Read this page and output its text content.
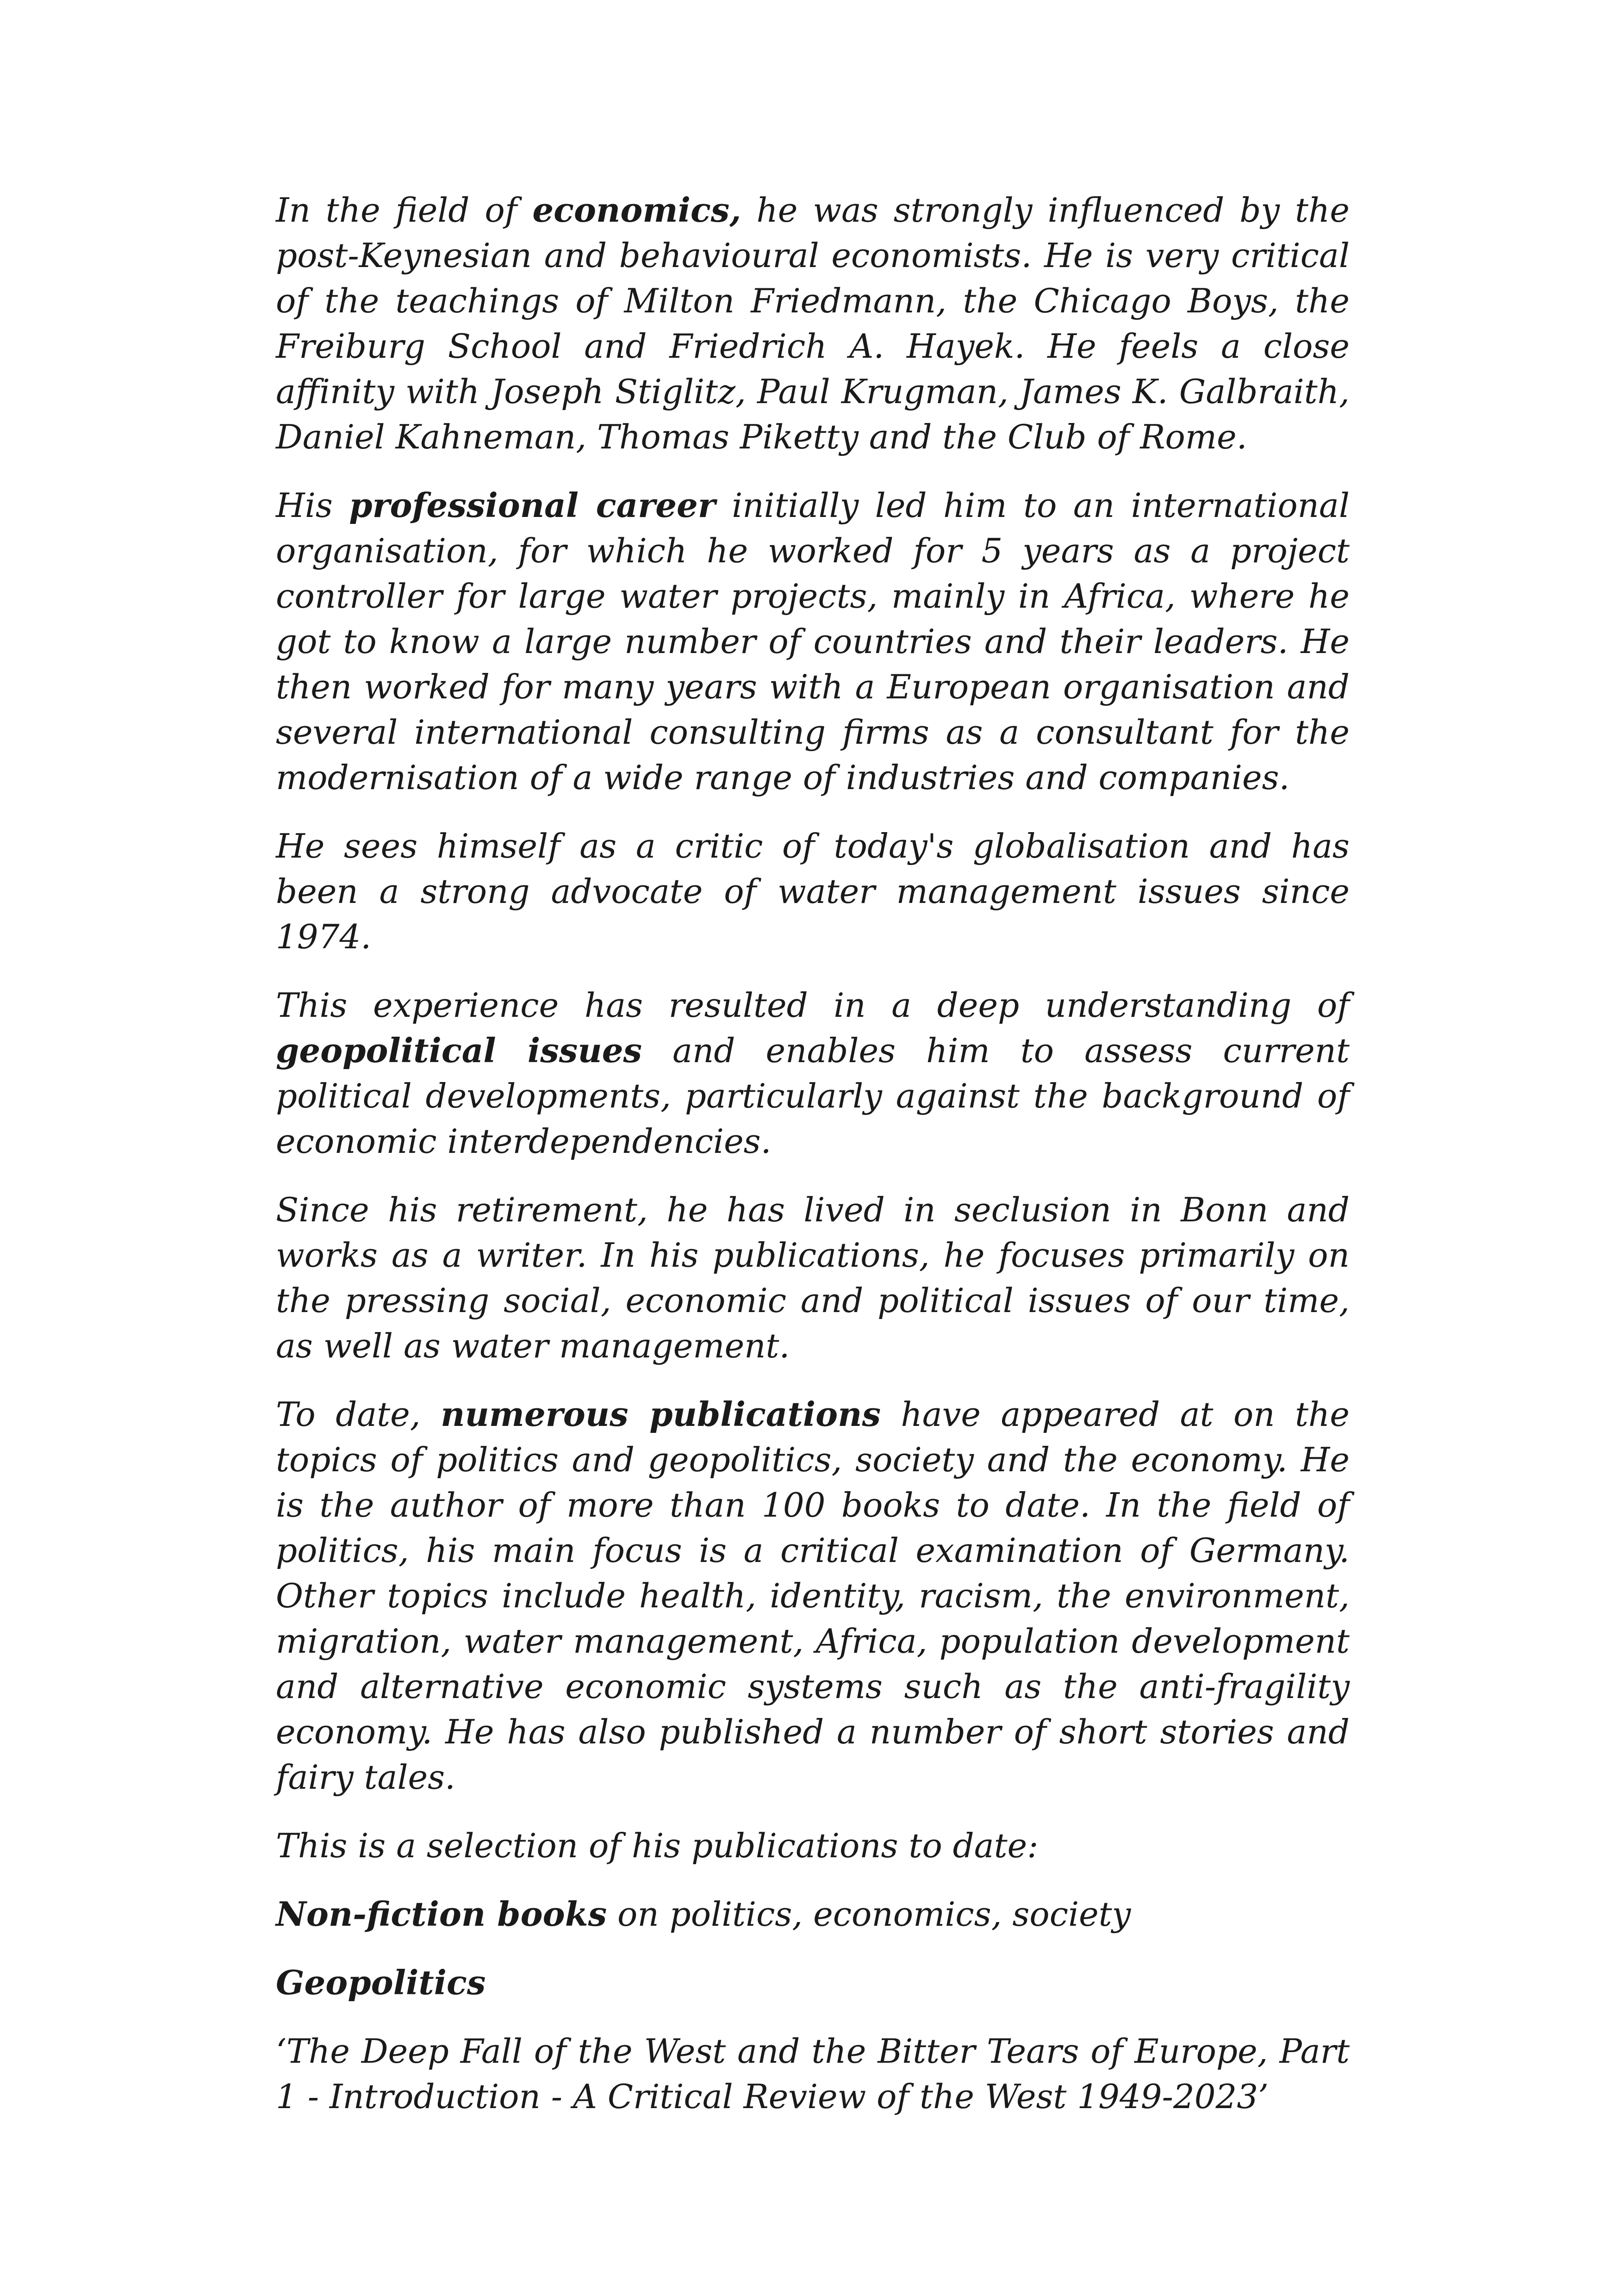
In the field of economics, he was strongly influenced by the post-Keynesian and behavioural economists. He is very critical of the teachings of Milton Friedmann, the Chicago Boys, the Freiburg School and Friedrich A. Hayek. He feels a close affinity with Joseph Stiglitz, Paul Krugman, James K. Galbraith, Daniel Kahneman, Thomas Piketty and the Club of Rome.

His professional career initially led him to an international organisation, for which he worked for 5 years as a project controller for large water projects, mainly in Africa, where he got to know a large number of countries and their leaders. He then worked for many years with a European organisation and several international consulting firms as a consultant for the modernisation of a wide range of industries and companies.

He sees himself as a critic of today's globalisation and has been a strong advocate of water management issues since 1974.

This experience has resulted in a deep understanding of geopolitical issues and enables him to assess current political developments, particularly against the background of economic interdependencies.

Since his retirement, he has lived in seclusion in Bonn and works as a writer. In his publications, he focuses primarily on the pressing social, economic and political issues of our time, as well as water management.

To date, numerous publications have appeared at on the topics of politics and geopolitics, society and the economy. He is the author of more than 100 books to date. In the field of politics, his main focus is a critical examination of Germany. Other topics include health, identity, racism, the environment, migration, water management, Africa, population development and alternative economic systems such as the anti-fragility economy. He has also published a number of short stories and fairy tales.

This is a selection of his publications to date:

Non-fiction books on politics, economics, society

Geopolitics

‘The Deep Fall of the West and the Bitter Tears of Europe, Part 1 - Introduction - A Critical Review of the West 1949-2023’
